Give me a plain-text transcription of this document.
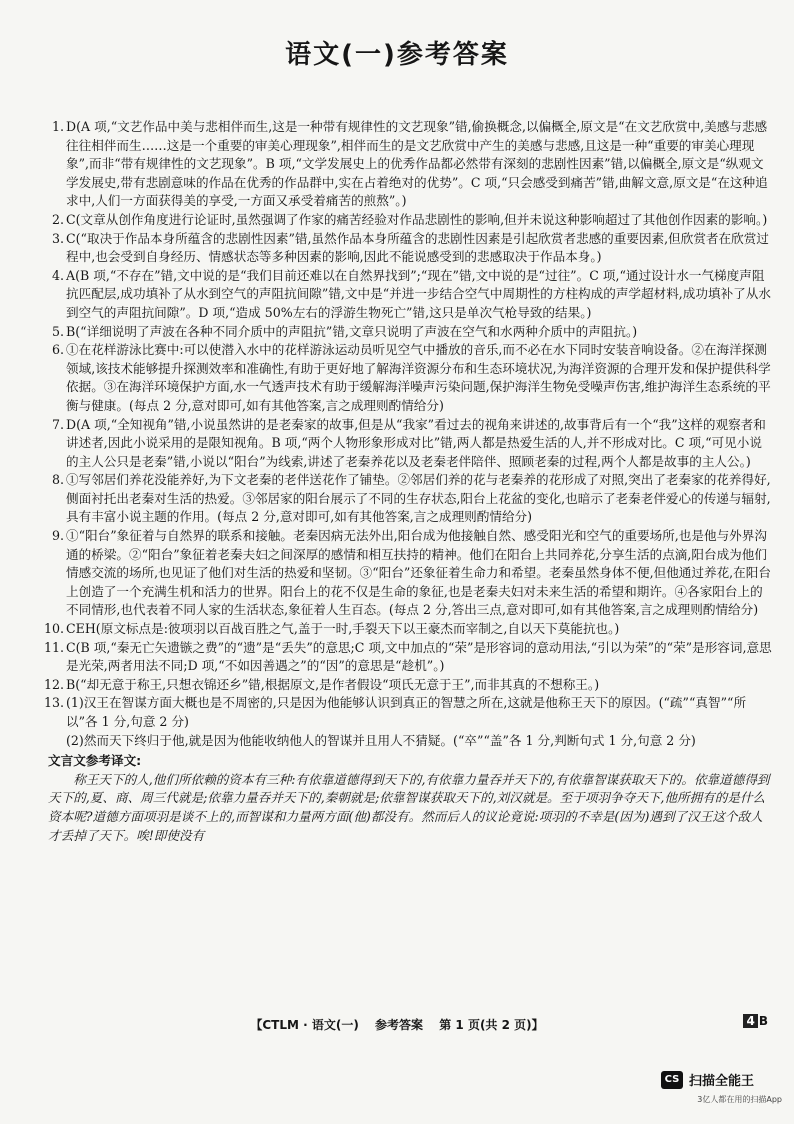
语文(一)参考答案

1. D(A 项,“文艺作品中美与悲相伴而生,这是一种带有规律性的文艺现象”错,偷换概念,以偏概全,原文是“在文艺欣赏中,美感与悲感往往相伴而生……这是一个重要的审美心理现象”,相伴而生的是文艺欣赏中产生的美感与悲感,且这是一种“重要的审美心理现象”,而非“带有规律性的文艺现象”。B 项,“文学发展史上的优秀作品都必然带有深刻的悲剧性因素”错,以偏概全,原文是“纵观文学发展史,带有悲剧意味的作品在优秀的作品群中,实在占着绝对的优势”。C 项,“只会感受到痛苦”错,曲解文意,原文是“在这种追求中,人们一方面获得美的享受,一方面又承受着痛苦的煎熬”。)

2. C(文章从创作角度进行论证时,虽然强调了作家的痛苦经验对作品悲剧性的影响,但并未说这种影响超过了其他创作因素的影响。)

3. C(“取决于作品本身所蕴含的悲剧性因素”错,虽然作品本身所蕴含的悲剧性因素是引起欣赏者悲感的重要因素,但欣赏者在欣赏过程中,也会受到自身经历、情感状态等多种因素的影响,因此不能说感受到的悲感取决于作品本身。)

4. A(B 项,“不存在”错,文中说的是“我们目前还难以在自然界找到”;“现在”错,文中说的是“过往”。C 项,“通过设计水一气梯度声阻抗匹配层,成功填补了从水到空气的声阻抗间隙”错,文中是“并进一步结合空气中周期性的方柱构成的声学超材料,成功填补了从水到空气的声阻抗间隙”。D 项,“造成 50%左右的浮游生物死亡”错,这只是单次气枪导致的结果。)

5. B(“详细说明了声波在各种不同介质中的声阻抗”错,文章只说明了声波在空气和水两种介质中的声阻抗。)

6. ①在花样游泳比赛中:可以使潜入水中的花样游泳运动员听见空气中播放的音乐,而不必在水下同时安装音响设备。②在海洋探测领域,该技术能够提升探测效率和准确性,有助于更好地了解海洋资源分布和生态环境状况,为海洋资源的合理开发和保护提供科学依据。③在海洋环境保护方面,水一气透声技术有助于缓解海洋噪声污染问题,保护海洋生物免受噪声伤害,维护海洋生态系统的平衡与健康。(每点 2 分,意对即可,如有其他答案,言之成理则酌情给分)

7. D(A 项,“全知视角”错,小说虽然讲的是老秦家的故事,但是从“我家”看过去的视角来讲述的,故事背后有一个“我”这样的观察者和讲述者,因此小说采用的是限知视角。B 项,“两个人物形象形成对比”错,两人都是热爱生活的人,并不形成对比。C 项,“可见小说的主人公只是老秦”错,小说以“阳台”为线索,讲述了老秦养花以及老秦老伴陪伴、照顾老秦的过程,两个人都是故事的主人公。)

8. ①写邻居们养花没能养好,为下文老秦的老伴送花作了铺垫。②邻居们养的花与老秦养的花形成了对照,突出了老秦家的花养得好,侧面衬托出老秦对生活的热爱。③邻居家的阳台展示了不同的生存状态,阳台上花盆的变化,也暗示了老秦老伴爱心的传递与辐射,具有丰富小说主题的作用。(每点 2 分,意对即可,如有其他答案,言之成理则酌情给分)

9. ①“阳台”象征着与自然界的联系和接触。老秦因病无法外出,阳台成为他接触自然、感受阳光和空气的重要场所,也是他与外界沟通的桥梁。②“阳台”象征着老秦夫妇之间深厚的感情和相互扶持的精神。他们在阳台上共同养花,分享生活的点滴,阳台成为他们情感交流的场所,也见证了他们对生活的热爱和坚韧。③“阳台”还象征着生命力和希望。老秦虽然身体不便,但他通过养花,在阳台上创造了一个充满生机和活力的世界。阳台上的花不仅是生命的象征,也是老秦夫妇对未来生活的希望和期许。④各家阳台上的不同情形,也代表着不同人家的生活状态,象征着人生百态。(每点 2 分,答出三点,意对即可,如有其他答案,言之成理则酌情给分)

10. CEH(原文标点是:彼项羽以百战百胜之气,盖于一时,手裂天下以王豪杰而宰制之,自以天下莫能抗也。)

11. C(B 项,“秦无亡矢遗镞之费”的“遗”是“丢失”的意思;C 项,文中加点的“荣”是形容词的意动用法,“引以为荣”的“荣”是形容词,意思是光荣,两者用法不同;D 项,“不如因善遇之”的“因”的意思是“趁机”。)

12. B(“却无意于称王,只想衣锦还乡”错,根据原文,是作者假设“项氏无意于王”,而非其真的不想称王。)

13. (1)汉王在智谋方面大概也是不周密的,只是因为他能够认识到真正的智慧之所在,这就是他称王天下的原因。(“疏”“真智”“所以”各 1 分,句意 2 分)

(2)然而天下终归于他,就是因为他能收纳他人的智谋并且用人不猜疑。(“卒”“盖”各 1 分,判断句式 1 分,句意 2 分)

文言文参考译文:

称王天下的人,他们所依赖的资本有三种:有依靠道德得到天下的,有依靠力量吞并天下的,有依靠智谋获取天下的。依靠道德得到天下的,夏、商、周三代就是;依靠力量吞并天下的,秦朝就是;依靠智谋获取天下的,刘汉就是。至于项羽争夺天下,他所拥有的是什么资本呢?道德方面项羽是谈不上的,而智谋和力量两方面(他)都没有。然而后人的议论竟说:项羽的不幸是(因为)遇到了汉王这个敌人才丢掉了天下。唉!即使没有

【CTLM · 语文(一) 参考答案 第 1 页(共 2 页)】	4 B
CS 扫描全能王
3亿人都在用的扫描App
